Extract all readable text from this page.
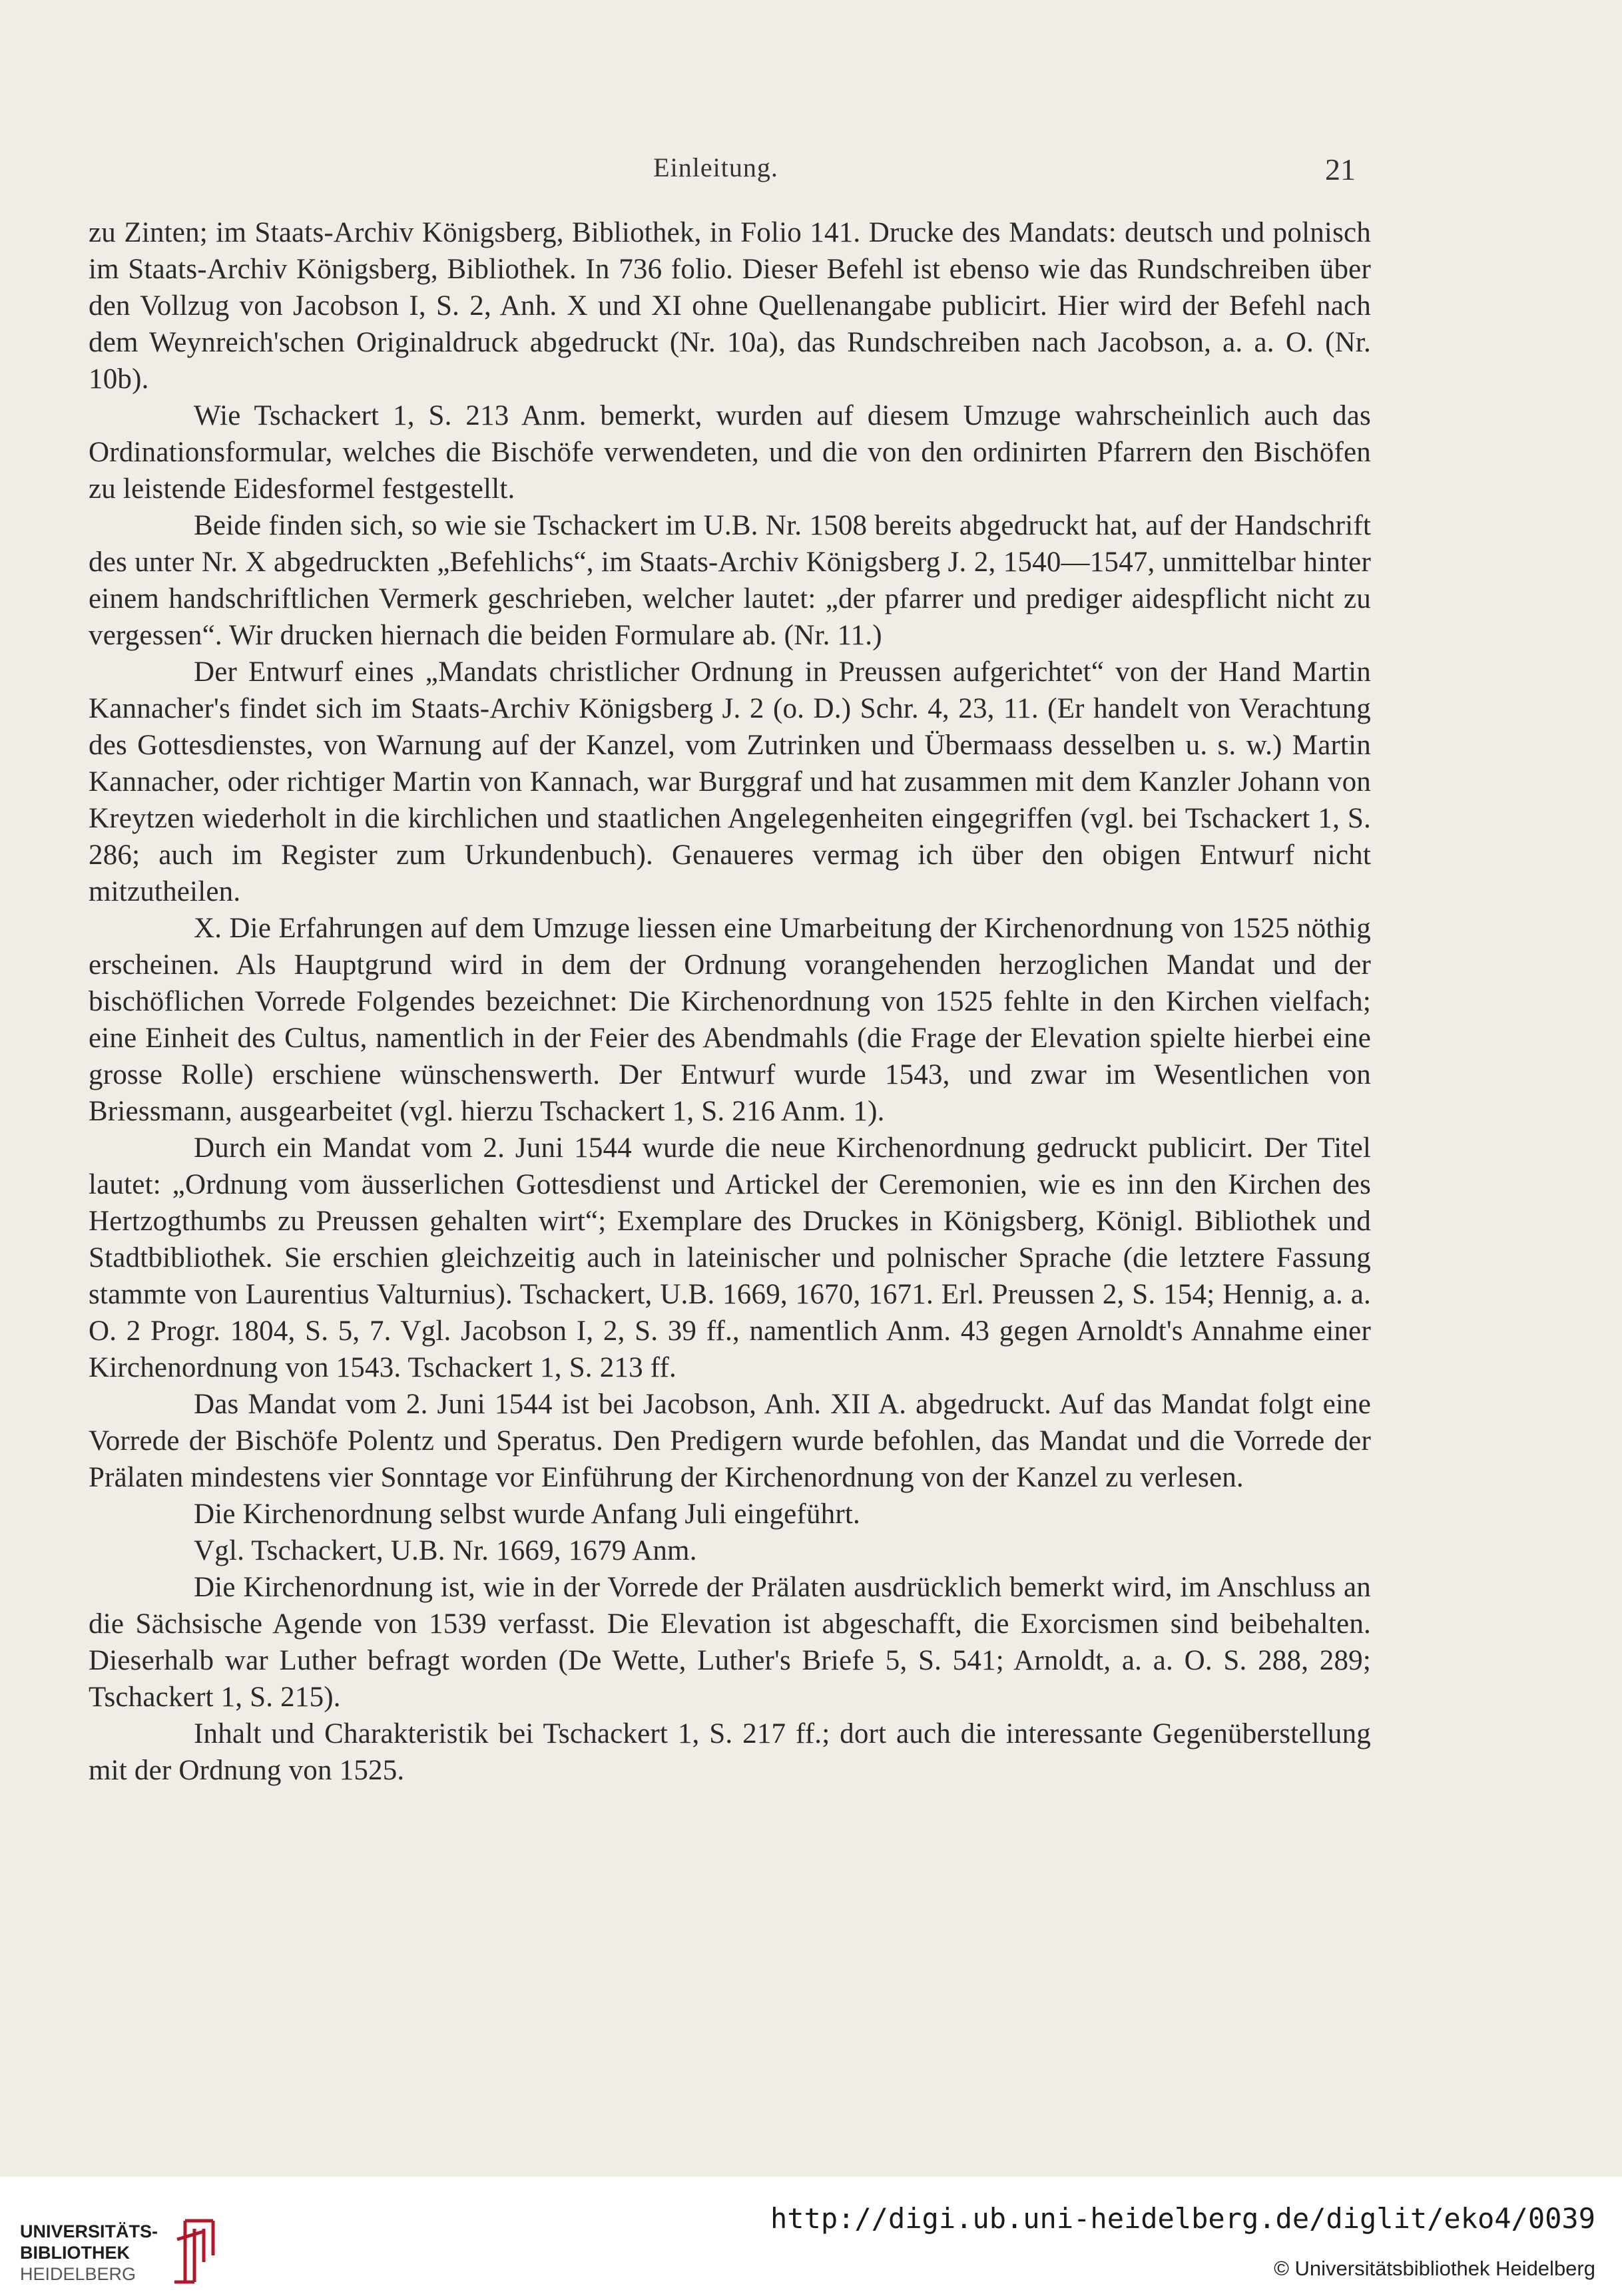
Einleitung.	21

zu Zinten; im Staats-Archiv Königsberg, Bibliothek, in Folio 141. Drucke des Mandats: deutsch und polnisch im Staats-Archiv Königsberg, Bibliothek. In 736 folio. Dieser Befehl ist ebenso wie das Rundschreiben über den Vollzug von Jacobson I, S. 2, Anh. X und XI ohne Quellenangabe publicirt. Hier wird der Befehl nach dem Weynreich'schen Originaldruck abgedruckt (Nr. 10a), das Rundschreiben nach Jacobson, a. a. O. (Nr. 10b).

Wie Tschackert 1, S. 213 Anm. bemerkt, wurden auf diesem Umzuge wahrscheinlich auch das Ordinationsformular, welches die Bischöfe verwendeten, und die von den ordinirten Pfarrern den Bischöfen zu leistende Eidesformel festgestellt.

Beide finden sich, so wie sie Tschackert im U.B. Nr. 1508 bereits abgedruckt hat, auf der Handschrift des unter Nr. X abgedruckten „Befehlichs“, im Staats-Archiv Königsberg J. 2, 1540—1547, unmittelbar hinter einem handschriftlichen Vermerk geschrieben, welcher lautet: „der pfarrer und prediger aidespflicht nicht zu vergessen“. Wir drucken hiernach die beiden Formulare ab. (Nr. 11.)

Der Entwurf eines „Mandats christlicher Ordnung in Preussen aufgerichtet“ von der Hand Martin Kannacher's findet sich im Staats-Archiv Königsberg J. 2 (o. D.) Schr. 4, 23, 11. (Er handelt von Verachtung des Gottesdienstes, von Warnung auf der Kanzel, vom Zutrinken und Übermaass desselben u. s. w.) Martin Kannacher, oder richtiger Martin von Kannach, war Burggraf und hat zusammen mit dem Kanzler Johann von Kreytzen wiederholt in die kirchlichen und staatlichen Angelegenheiten eingegriffen (vgl. bei Tschackert 1, S. 286; auch im Register zum Urkundenbuch). Genaueres vermag ich über den obigen Entwurf nicht mitzutheilen.

X. Die Erfahrungen auf dem Umzuge liessen eine Umarbeitung der Kirchenordnung von 1525 nöthig erscheinen. Als Hauptgrund wird in dem der Ordnung vorangehenden herzoglichen Mandat und der bischöflichen Vorrede Folgendes bezeichnet: Die Kirchenordnung von 1525 fehlte in den Kirchen vielfach; eine Einheit des Cultus, namentlich in der Feier des Abendmahls (die Frage der Elevation spielte hierbei eine grosse Rolle) erschiene wünschenswerth. Der Entwurf wurde 1543, und zwar im Wesentlichen von Briessmann, ausgearbeitet (vgl. hierzu Tschackert 1, S. 216 Anm. 1).

Durch ein Mandat vom 2. Juni 1544 wurde die neue Kirchenordnung gedruckt publicirt. Der Titel lautet: „Ordnung vom äusserlichen Gottesdienst und Artickel der Ceremonien, wie es inn den Kirchen des Hertzogthumbs zu Preussen gehalten wirt“; Exemplare des Druckes in Königsberg, Königl. Bibliothek und Stadtbibliothek. Sie erschien gleichzeitig auch in lateinischer und polnischer Sprache (die letztere Fassung stammte von Laurentius Valturnius). Tschackert, U.B. 1669, 1670, 1671. Erl. Preussen 2, S. 154; Hennig, a. a. O. 2 Progr. 1804, S. 5, 7. Vgl. Jacobson I, 2, S. 39 ff., namentlich Anm. 43 gegen Arnoldt's Annahme einer Kirchenordnung von 1543. Tschackert 1, S. 213 ff.

Das Mandat vom 2. Juni 1544 ist bei Jacobson, Anh. XII A. abgedruckt. Auf das Mandat folgt eine Vorrede der Bischöfe Polentz und Speratus. Den Predigern wurde befohlen, das Mandat und die Vorrede der Prälaten mindestens vier Sonntage vor Einführung der Kirchenordnung von der Kanzel zu verlesen.

Die Kirchenordnung selbst wurde Anfang Juli eingeführt.

Vgl. Tschackert, U.B. Nr. 1669, 1679 Anm.

Die Kirchenordnung ist, wie in der Vorrede der Prälaten ausdrücklich bemerkt wird, im Anschluss an die Sächsische Agende von 1539 verfasst. Die Elevation ist abgeschafft, die Exorcismen sind beibehalten. Dieserhalb war Luther befragt worden (De Wette, Luther's Briefe 5, S. 541; Arnoldt, a. a. O. S. 288, 289; Tschackert 1, S. 215).

Inhalt und Charakteristik bei Tschackert 1, S. 217 ff.; dort auch die interessante Gegenüberstellung mit der Ordnung von 1525.

UNIVERSITÄTS-
BIBLIOTHEK
HEIDELBERG
http://digi.ub.uni-heidelberg.de/diglit/eko4/0039
© Universitätsbibliothek Heidelberg
